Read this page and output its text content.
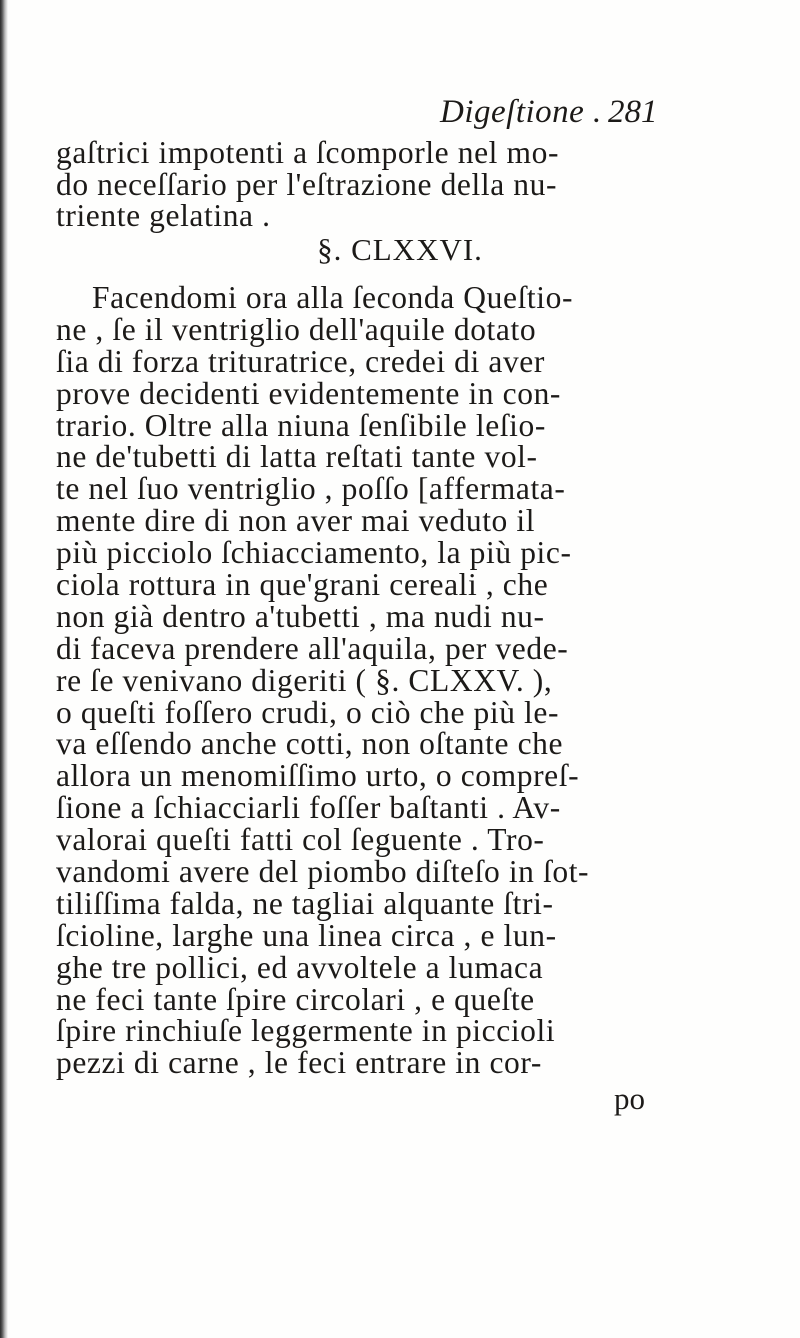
Digeſtione . 281
gaſtrici impotenti a ſcomporle nel mo-
do neceſſario per l'eſtrazione della nu-
triente gelatina .
§. CLXXVI.
Facendomi ora alla ſeconda Queſtio-
ne , ſe il ventriglio dell'aquile dotato
ſia di forza trituratrice, credei di aver
prove decidenti evidentemente in con-
trario. Oltre alla niuna ſenſibile leſio-
ne de'tubetti di latta reſtati tante vol-
te nel ſuo ventriglio , poſſo [affermata-
mente dire di non aver mai veduto il
più picciolo ſchiacciamento, la più pic-
ciola rottura in que'grani cereali , che
non già dentro a'tubetti , ma nudi nu-
di faceva prendere all'aquila, per vede-
re ſe venivano digeriti ( §. CLXXV. ),
o queſti foſſero crudi, o ciò che più le-
va eſſendo anche cotti, non oſtante che
allora un menomiſſimo urto, o compreſ-
ſione a ſchiacciarli foſſer baſtanti . Av-
valorai queſti fatti col ſeguente . Tro-
vandomi avere del piombo diſteſo in ſot-
tiliſſima falda, ne tagliai alquante ſtri-
ſcioline, larghe una linea circa , e lun-
ghe tre pollici, ed avvoltele a lumaca
ne feci tante ſpire circolari , e queſte
ſpire rinchiuſe leggermente in piccioli
pezzi di carne , le feci entrare in cor-
po
